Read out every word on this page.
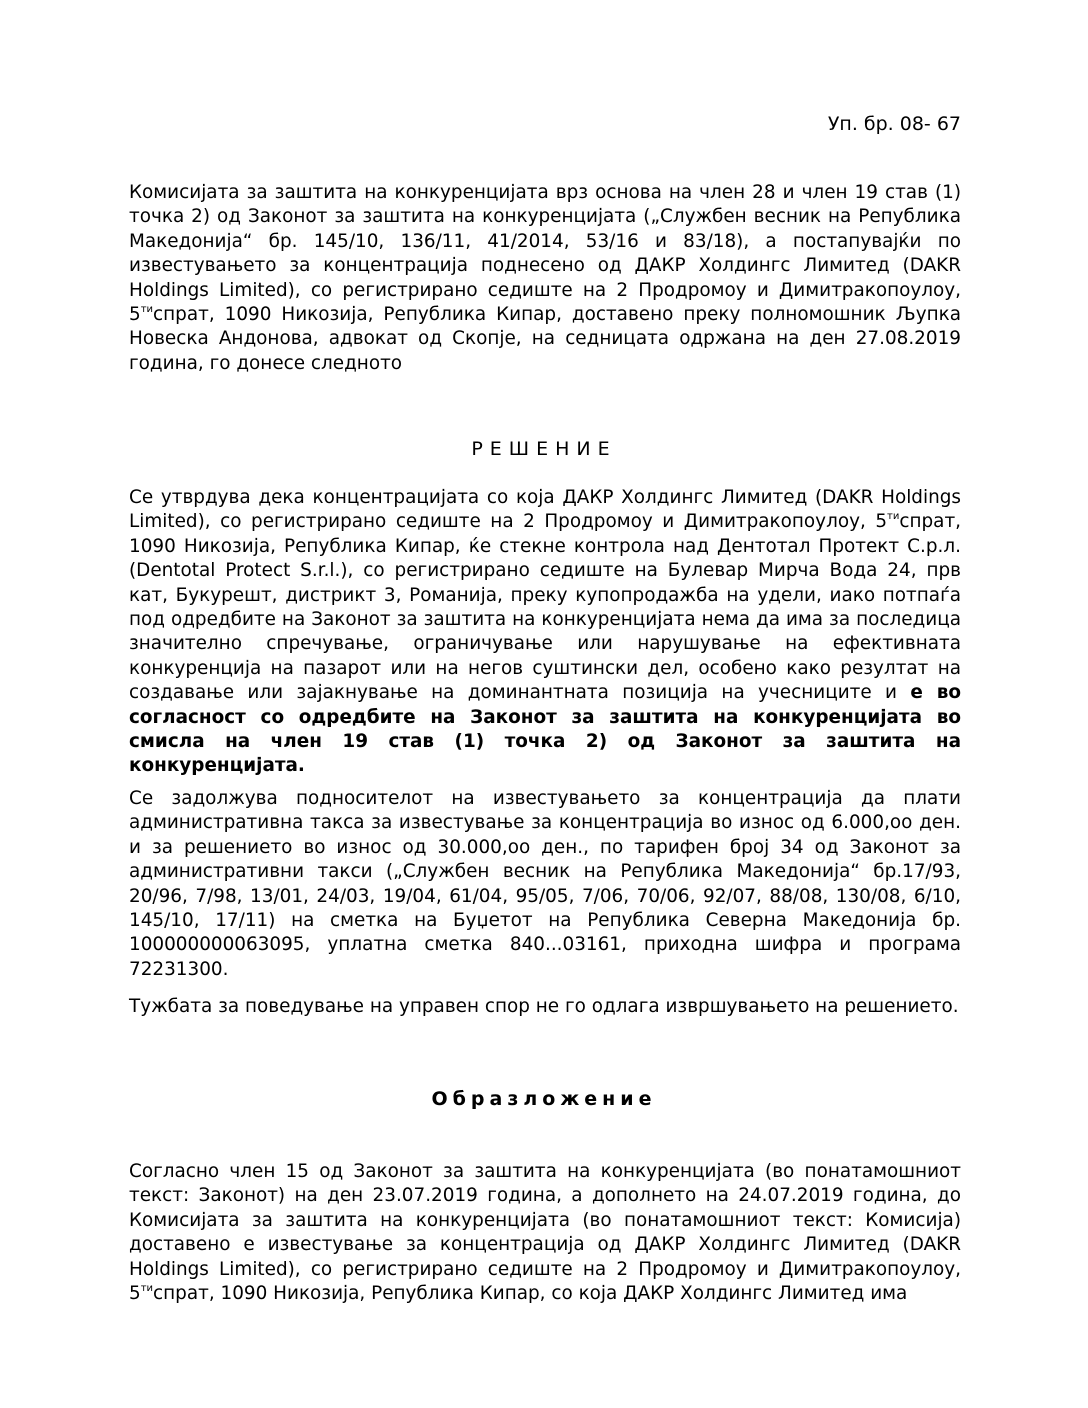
Уп. бр. 08- 67

Комисијата за заштита на конкуренцијата врз основа на член 28 и член 19 став (1) точка 2) од Законот за заштита на конкуренцијата („Службен весник на Република Македонија“ бр. 145/10, 136/11, 41/2014, 53/16 и 83/18), а постапувајќи по известувањето за концентрација поднесено од ДАКР Холдингс Лимитед (DAKR Holdings Limited), со регистрирано седиште на 2 Продромоу и Димитракопоулоу, $5^{ти}спрат$, 1090 Никозија, Република Кипар, доставено преку полномошник Љупка Новеска Андонова, адвокат од Скопје, на седницата одржана на ден 27.08.2019 година, го донесе следното

РЕШЕНИЕ

Се утврдува дека концентрацијата со која ДАКР Холдингс Лимитед (DAKR Holdings Limited), со регистрирано седиште на 2 Продромоу и Димитракопоулоу, $5^{ти}спрат$, 1090 Никозија, Република Кипар, ќе стекне контрола над Дентотал Протект С.р.л. (Dentotal Protect S.r.l.), со регистрирано седиште на Булевар Мирча Вода 24, прв кат, Букурешт, дистрикт 3, Романија, преку купопродажба на удели, иако потпаѓа под одредбите на Законот за заштита на конкуренцијата нема да има за последица значително спречување, ограничување или нарушување на ефективната конкуренција на пазарот или на негов суштински дел, особено како резултат на создавање или зајакнување на доминантната позиција на учесниците и е во согласност со одредбите на Законот за заштита на конкуренцијата во смисла на член 19 став (1) точка 2) од Законот за заштита на конкуренцијата.

Се задолжува подносителот на известувањето за концентрација да плати административна такса за известување за концентрација во износ од 6.000,оо ден. и за решението во износ од 30.000,оо ден., по тарифен број 34 од Законот за административни такси („Службен весник на Република Македонија“ бр.17/93, 20/96, 7/98, 13/01, 24/03, 19/04, 61/04, 95/05, 7/06, 70/06, 92/07, 88/08, 130/08, 6/10, 145/10, 17/11) на сметка на Буџетот на Република Северна Македонија бр. 100000000063095, уплатна сметка 840...03161, приходна шифра и програма 72231300.

Тужбата за поведување на управен спор не го одлага извршувањето на решението.

Образложение

Согласно член 15 од Законот за заштита на конкуренцијата (во понатамошниот текст: Законот) на ден 23.07.2019 година, а дополнето на 24.07.2019 година, до Комисијата за заштита на конкуренцијата (во понатамошниот текст: Комисија) доставено е известување за концентрација од ДАКР Холдингс Лимитед (DAKR Holdings Limited), со регистрирано седиште на 2 Продромоу и Димитракопоулоу, $5^{ти}спрат$, 1090 Никозија, Република Кипар, со која ДАКР Холдингс Лимитед има
